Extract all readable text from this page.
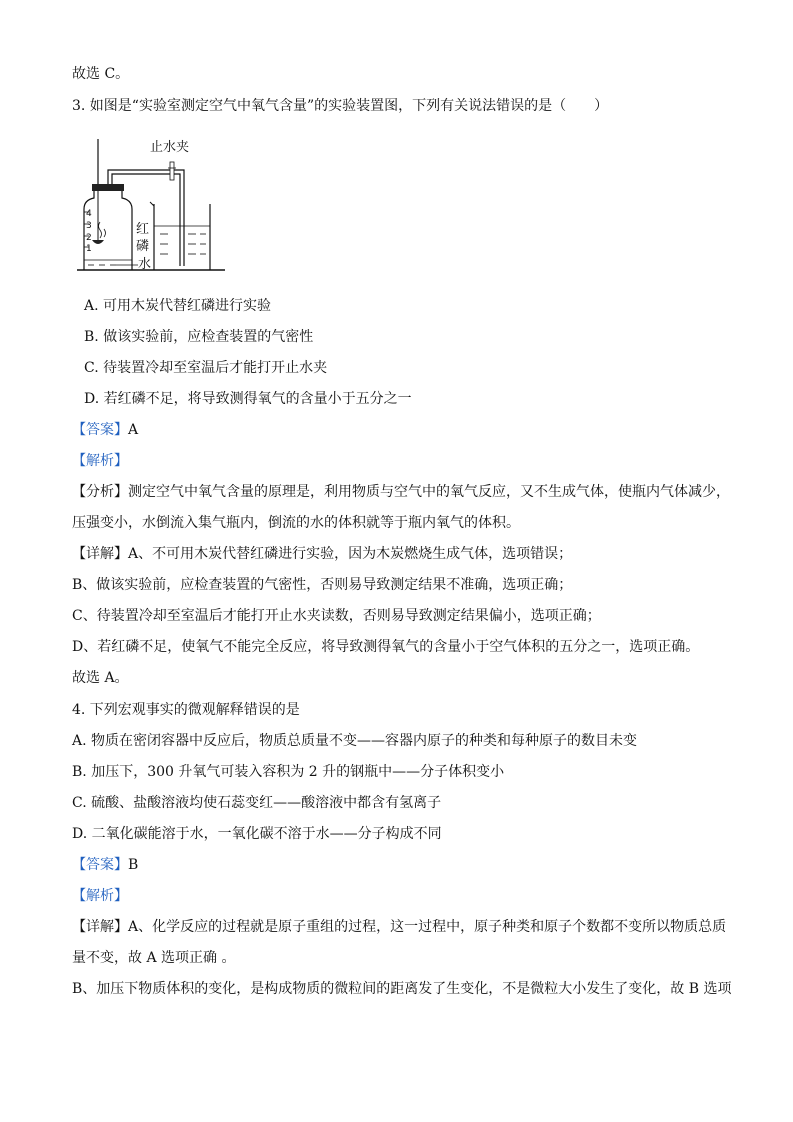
故选 C。
3. 如图是“实验室测定空气中氧气含量”的实验装置图，下列有关说法错误的是（　　）
4
3
2
1
止水夹
红
磷
水
A. 可用木炭代替红磷进行实验
B. 做该实验前，应检查装置的气密性
C. 待装置冷却至室温后才能打开止水夹
D. 若红磷不足，将导致测得氧气的含量小于五分之一
【答案】A
【解析】
【分析】测定空气中氧气含量的原理是，利用物质与空气中的氧气反应，又不生成气体，使瓶内气体减少，
压强变小，水倒流入集气瓶内，倒流的水的体积就等于瓶内氧气的体积。
【详解】A、不可用木炭代替红磷进行实验，因为木炭燃烧生成气体，选项错误；
B、做该实验前，应检查装置的气密性，否则易导致测定结果不准确，选项正确；
C、待装置冷却至室温后才能打开止水夹读数，否则易导致测定结果偏小，选项正确；
D、若红磷不足，使氧气不能完全反应，将导致测得氧气的含量小于空气体积的五分之一，选项正确。
故选 A。
4. 下列宏观事实的微观解释错误的是
A. 物质在密闭容器中反应后，物质总质量不变——容器内原子的种类和每种原子的数目未变
B. 加压下，300 升氧气可装入容积为 2 升的钢瓶中——分子体积变小
C. 硫酸、盐酸溶液均使石蕊变红——酸溶液中都含有氢离子
D. 二氧化碳能溶于水，一氧化碳不溶于水——分子构成不同
【答案】B
【解析】
【详解】A、化学反应的过程就是原子重组的过程，这一过程中，原子种类和原子个数都不变所以物质总质
量不变，故 A 选项正确 。
B、加压下物质体积的变化，是构成物质的微粒间的距离发了生变化，不是微粒大小发生了变化，故 B 选项
